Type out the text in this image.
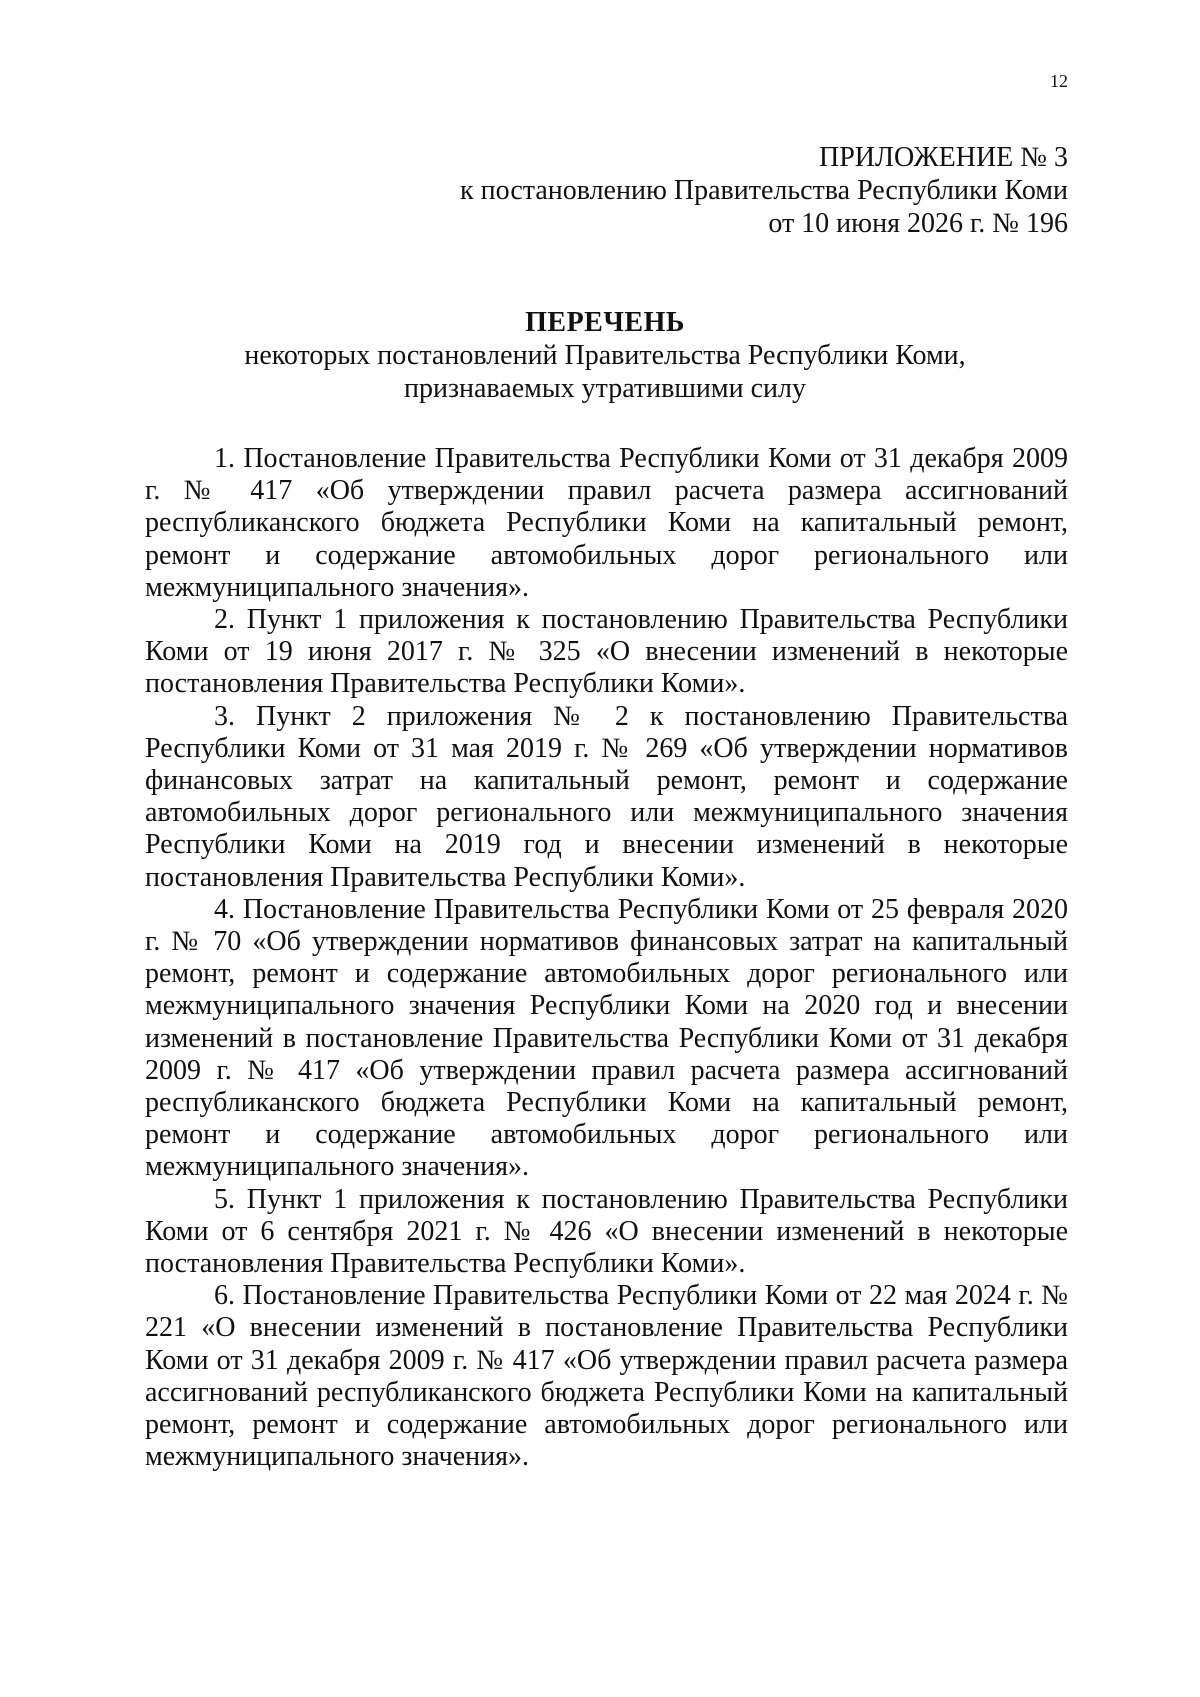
12
ПРИЛОЖЕНИЕ № 3
к постановлению Правительства Республики Коми
от 10 июня 2026 г. № 196
ПЕРЕЧЕНЬ
некоторых постановлений Правительства Республики Коми,
признаваемых утратившими силу

1. Постановление Правительства Республики Коми от 31 декабря 2009 г. № 417 «Об утверждении правил расчета размера ассигнований республиканского бюджета Республики Коми на капитальный ремонт, ремонт и содержание автомобильных дорог регионального или межмуниципального значения».

2. Пункт 1 приложения к постановлению Правительства Республики Коми от 19 июня 2017 г. № 325 «О внесении изменений в некоторые постановления Правительства Республики Коми».

3. Пункт 2 приложения № 2 к постановлению Правительства Республики Коми от 31 мая 2019 г. № 269 «Об утверждении нормативов финансовых затрат на капитальный ремонт, ремонт и содержание автомобильных дорог регионального или межмуниципального значения Республики Коми на 2019 год и внесении изменений в некоторые постановления Правительства Республики Коми».

4. Постановление Правительства Республики Коми от 25 февраля 2020 г. № 70 «Об утверждении нормативов финансовых затрат на капитальный ремонт, ремонт и содержание автомобильных дорог регионального или межмуниципального значения Республики Коми на 2020 год и внесении изменений в постановление Правительства Республики Коми от 31 декабря 2009 г. № 417 «Об утверждении правил расчета размера ассигнований республиканского бюджета Республики Коми на капитальный ремонт, ремонт и содержание автомобильных дорог регионального или межмуниципального значения».

5. Пункт 1 приложения к постановлению Правительства Республики Коми от 6 сентября 2021 г. № 426 «О внесении изменений в некоторые постановления Правительства Республики Коми».

6. Постановление Правительства Республики Коми от 22 мая 2024 г. № 221 «О внесении изменений в постановление Правительства Республики Коми от 31 декабря 2009 г. № 417 «Об утверждении правил расчета размера ассигнований республиканского бюджета Республики Коми на капитальный ремонт, ремонт и содержание автомобильных дорог регионального или межмуниципального значения».
